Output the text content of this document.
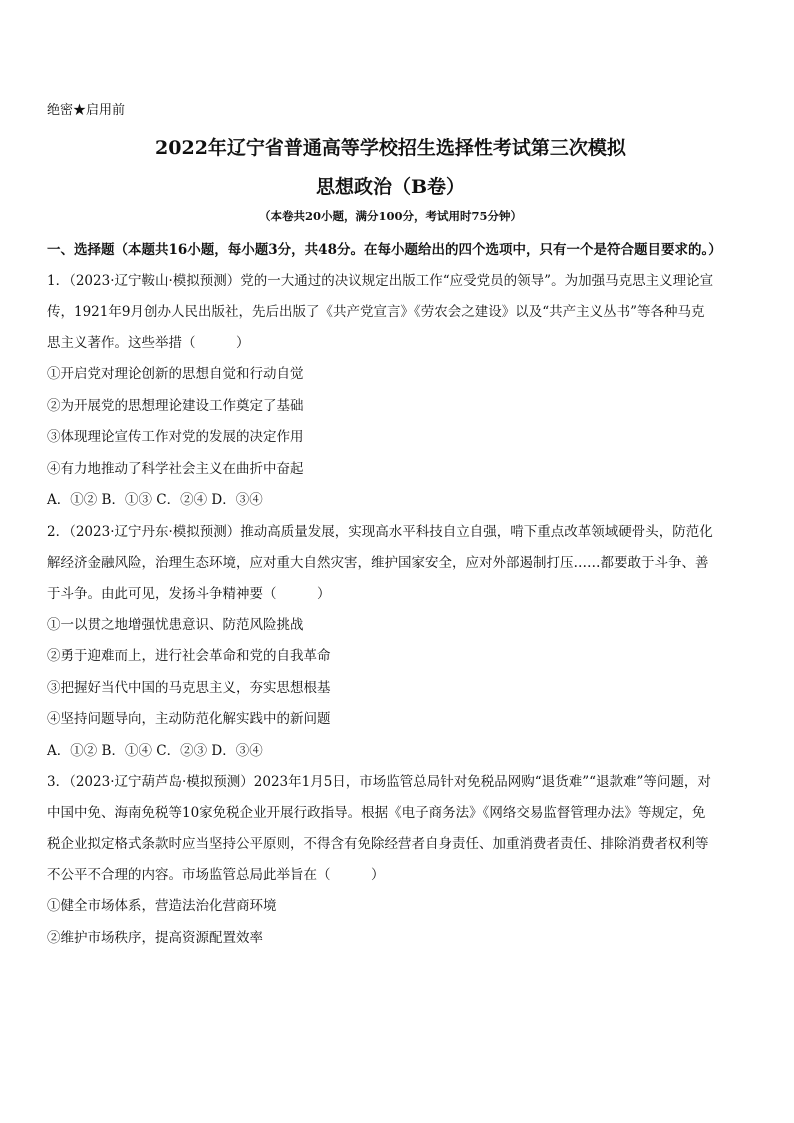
绝密★启用前

2022年辽宁省普通高等学校招生选择性考试第三次模拟

思想政治（B卷）

（本卷共20小题，满分100分，考试用时75分钟）

一、选择题（本题共16小题，每小题3分，共48分。在每小题给出的四个选项中，只有一个是符合题目要求的。）

1．（2023·辽宁鞍山·模拟预测）党的一大通过的决议规定出版工作“应受党员的领导”。为加强马克思主义理论宣传，1921年9月创办人民出版社，先后出版了《共产党宣言》《劳农会之建设》以及“共产主义丛书”等各种马克思主义著作。这些举措（　　　）

①开启党对理论创新的思想自觉和行动自觉

②为开展党的思想理论建设工作奠定了基础

③体现理论宣传工作对党的发展的决定作用

④有力地推动了科学社会主义在曲折中奋起

A．①② B．①③ C．②④ D．③④

2．（2023·辽宁丹东·模拟预测）推动高质量发展，实现高水平科技自立自强，啃下重点改革领域硬骨头，防范化解经济金融风险，治理生态环境，应对重大自然灾害，维护国家安全，应对外部遏制打压……都要敢于斗争、善于斗争。由此可见，发扬斗争精神要（　　　）

①一以贯之地增强忧患意识、防范风险挑战

②勇于迎难而上，进行社会革命和党的自我革命

③把握好当代中国的马克思主义，夯实思想根基

④坚持问题导向，主动防范化解实践中的新问题

A．①② B．①④ C．②③ D．③④

3．（2023·辽宁葫芦岛·模拟预测）2023年1月5日，市场监管总局针对免税品网购“退货难”“退款难”等问题，对中国中免、海南免税等10家免税企业开展行政指导。根据《电子商务法》《网络交易监督管理办法》等规定，免税企业拟定格式条款时应当坚持公平原则，不得含有免除经营者自身责任、加重消费者责任、排除消费者权利等不公平不合理的内容。市场监管总局此举旨在（　　　）

①健全市场体系，营造法治化营商环境

②维护市场秩序，提高资源配置效率
